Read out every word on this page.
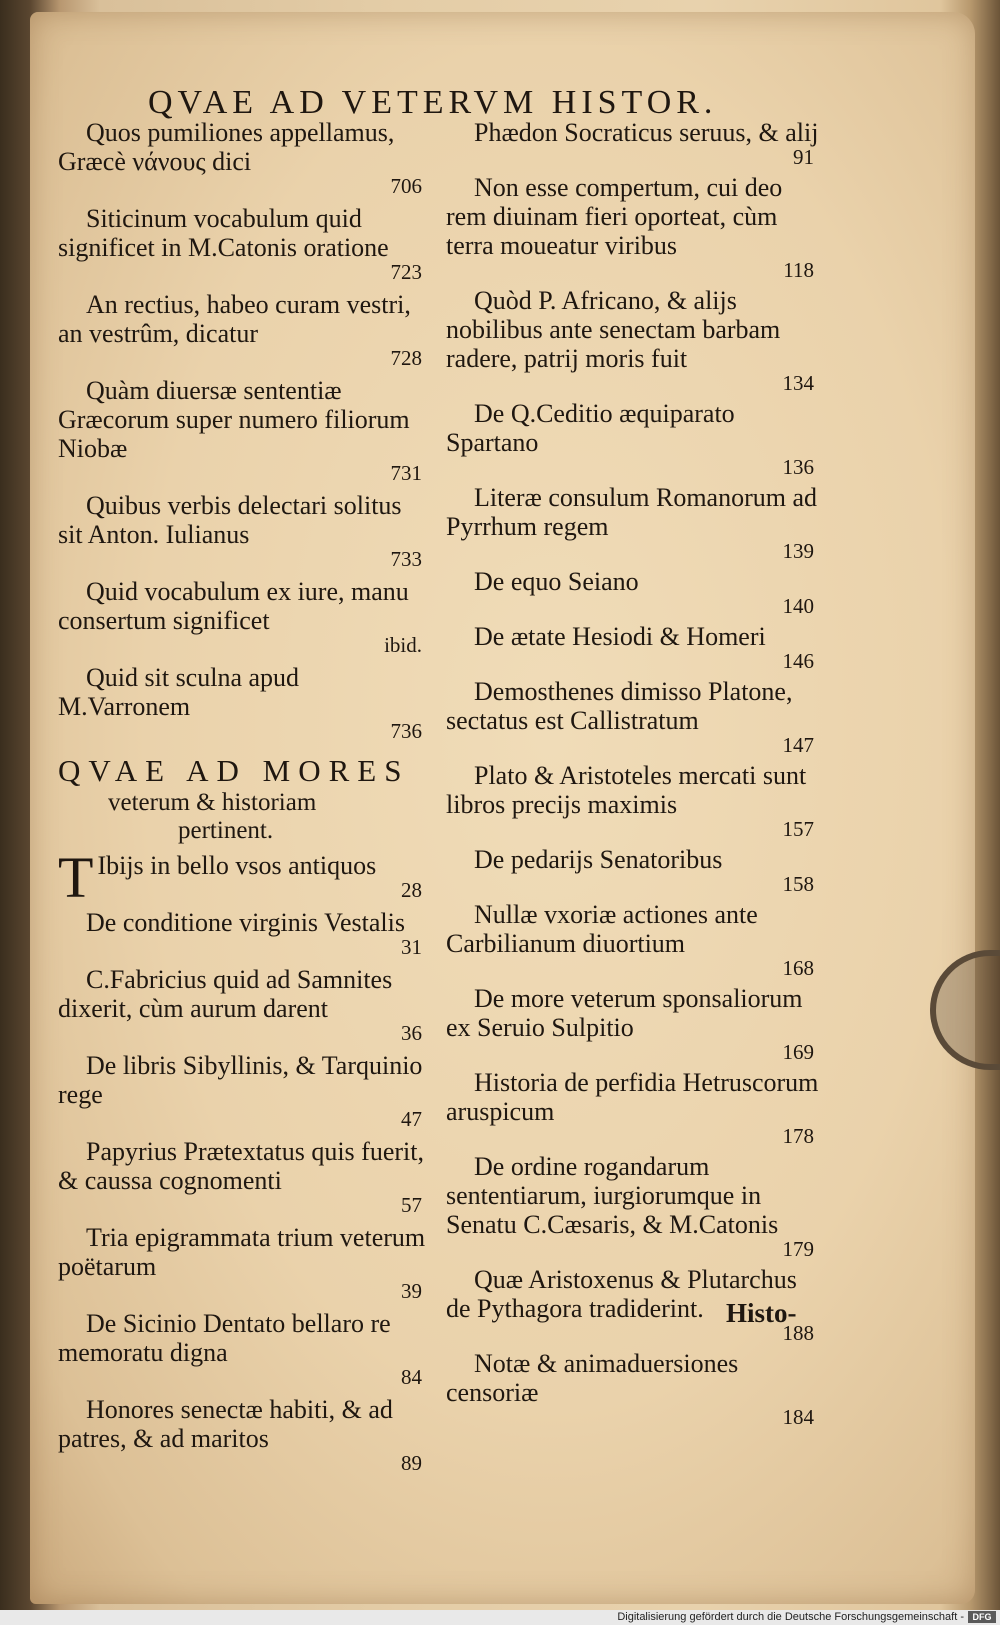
QVAE AD VETERVM HISTOR.
Quos pumiliones appellamus, Græcè νάνους dici
706
Siticinum vocabulum quid significet in M.Catonis oratione
723
An rectius, habeo curam vestri, an vestrûm, dicatur
728
Quàm diuersæ sententiæ Græcorum super numero filiorum Niobæ
731
Quibus verbis delectari solitus sit Anton. Iulianus
733
Quid vocabulum ex iure, manu consertum significet
ibid.
Quid sit sculna apud M.Varronem
736
QVAE AD MORES
veterum & historiam
pertinent.
T Ibijs in bello vsos antiquos
28
De conditione virginis Vestalis
31
C.Fabricius quid ad Samnites dixerit, cùm aurum darent
36
De libris Sibyllinis, & Tarquinio rege
47
Papyrius Prætextatus quis fuerit, & caussa cognomenti
57
Tria epigrammata trium veterum poëtarum
39
De Sicinio Dentato bellaro re memoratu digna
84
Honores senectæ habiti, & ad patres, & ad maritos
89
Phædon Socraticus seruus, & alij
91
Non esse compertum, cui deo rem diuinam fieri oporteat, cùm terra moueatur viribus
118
Quòd P. Africano, & alijs nobilibus ante senectam barbam radere, patrij moris fuit
134
De Q.Ceditio æquiparato Spartano
136
Literæ consulum Romanorum ad Pyrrhum regem
139
De equo Seiano
140
De ætate Hesiodi & Homeri
146
Demosthenes dimisso Platone, sectatus est Callistratum
147
Plato & Aristoteles mercati sunt libros precijs maximis
157
De pedarijs Senatoribus
158
Nullæ vxoriæ actiones ante Carbilianum diuortium
168
De more veterum sponsaliorum ex Seruio Sulpitio
169
Historia de perfidia Hetruscorum aruspicum
178
De ordine rogandarum sententiarum, iurgiorumque in Senatu C.Cæsaris, & M.Catonis
179
Quæ Aristoxenus & Plutarchus de Pythagora tradiderint.
188
Notæ & animaduersiones censoriæ
184
Histo-
Digitalisierung gefördert durch die Deutsche Forschungsgemeinschaft - DFG
